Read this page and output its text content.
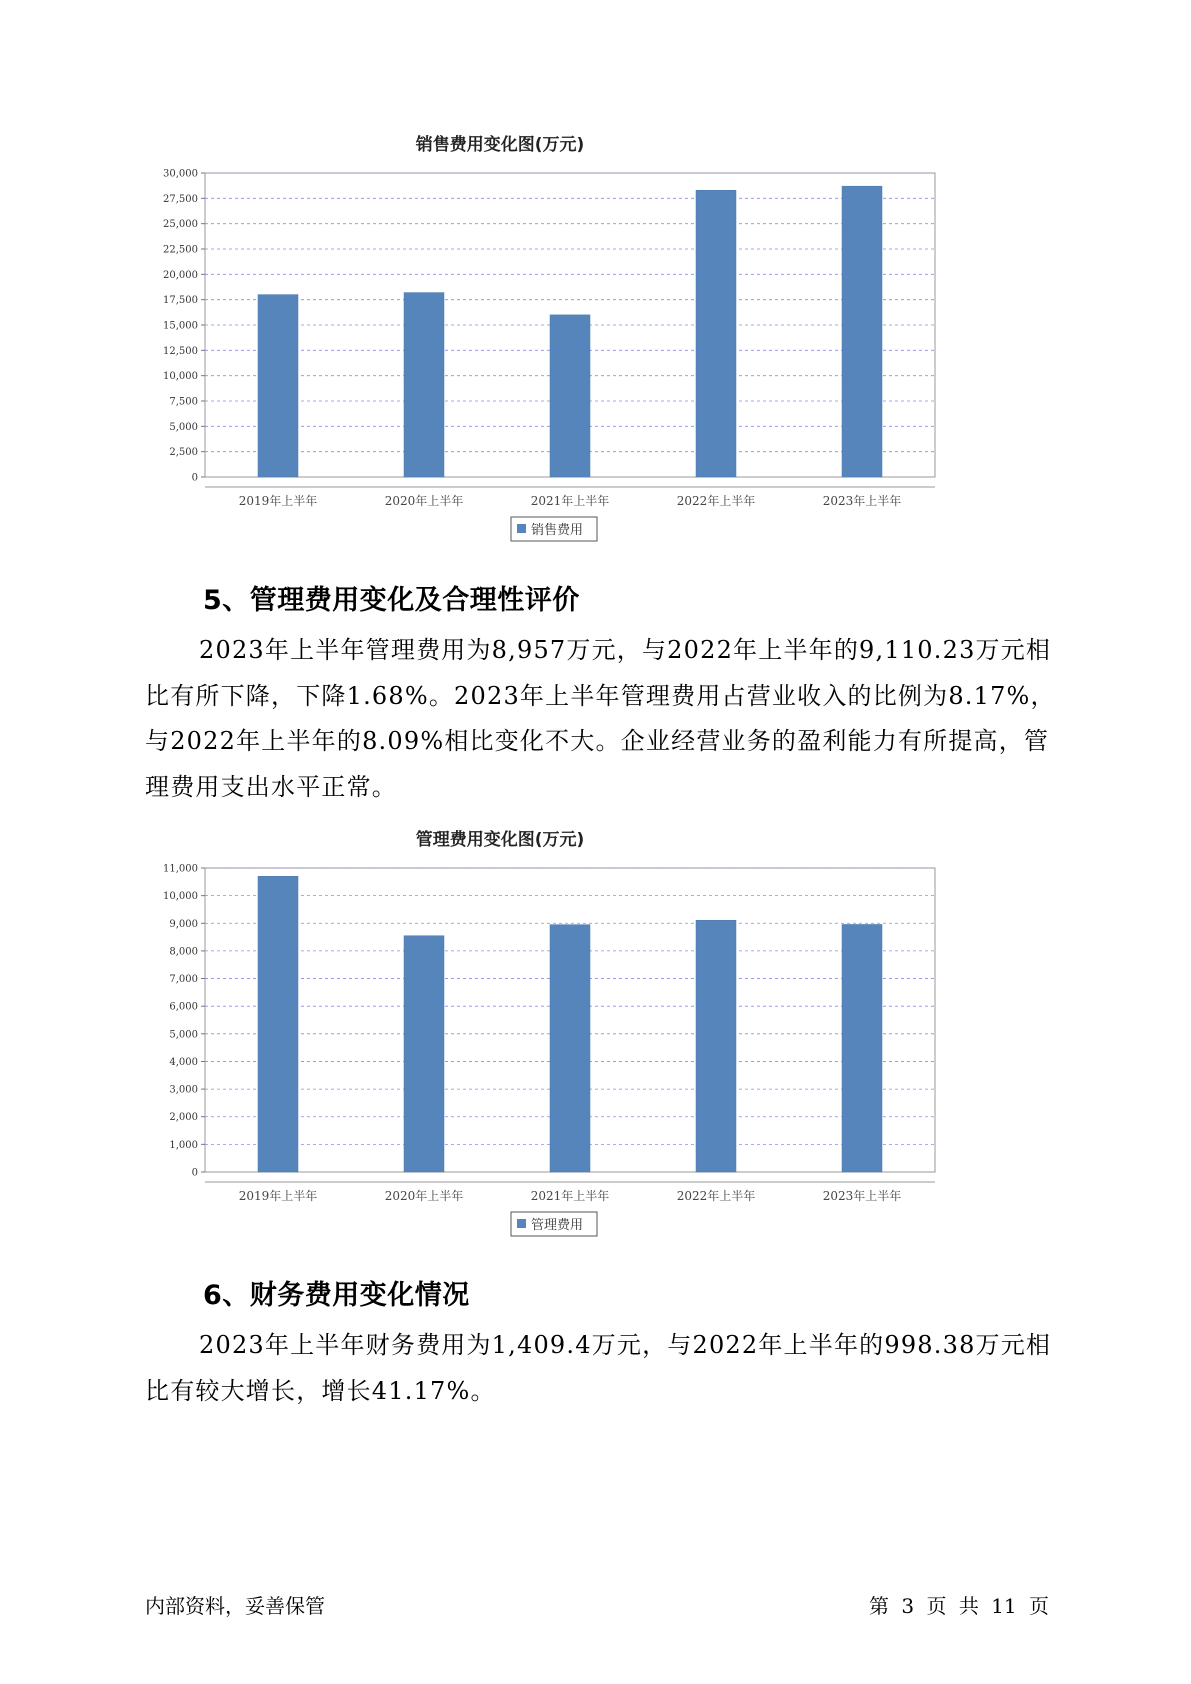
销售费用变化图(万元)
0
2,500
5,000
7,500
10,000
12,500
15,000
17,500
20,000
22,500
25,000
27,500
30,000
2019年上半年	2020年上半年	2021年上半年	2022年上半年	2023年上半年
销售费用
5、管理费用变化及合理性评价

2023年上半年管理费用为8,957万元，与2022年上半年的9,110.23万元相比有所下降，下降1.68%。2023年上半年管理费用占营业收入的比例为8.17%，与2022年上半年的8.09%相比变化不大。企业经营业务的盈利能力有所提高，管理费用支出水平正常。

管理费用变化图(万元)
0
1,000
2,000
3,000
4,000
5,000
6,000
7,000
8,000
9,000
10,000
11,000
2019年上半年	2020年上半年	2021年上半年	2022年上半年	2023年上半年
管理费用
6、财务费用变化情况

2023年上半年财务费用为1,409.4万元，与2022年上半年的998.38万元相比有较大增长，增长41.17%。

内部资料，妥善保管	第 3 页 共 11 页
